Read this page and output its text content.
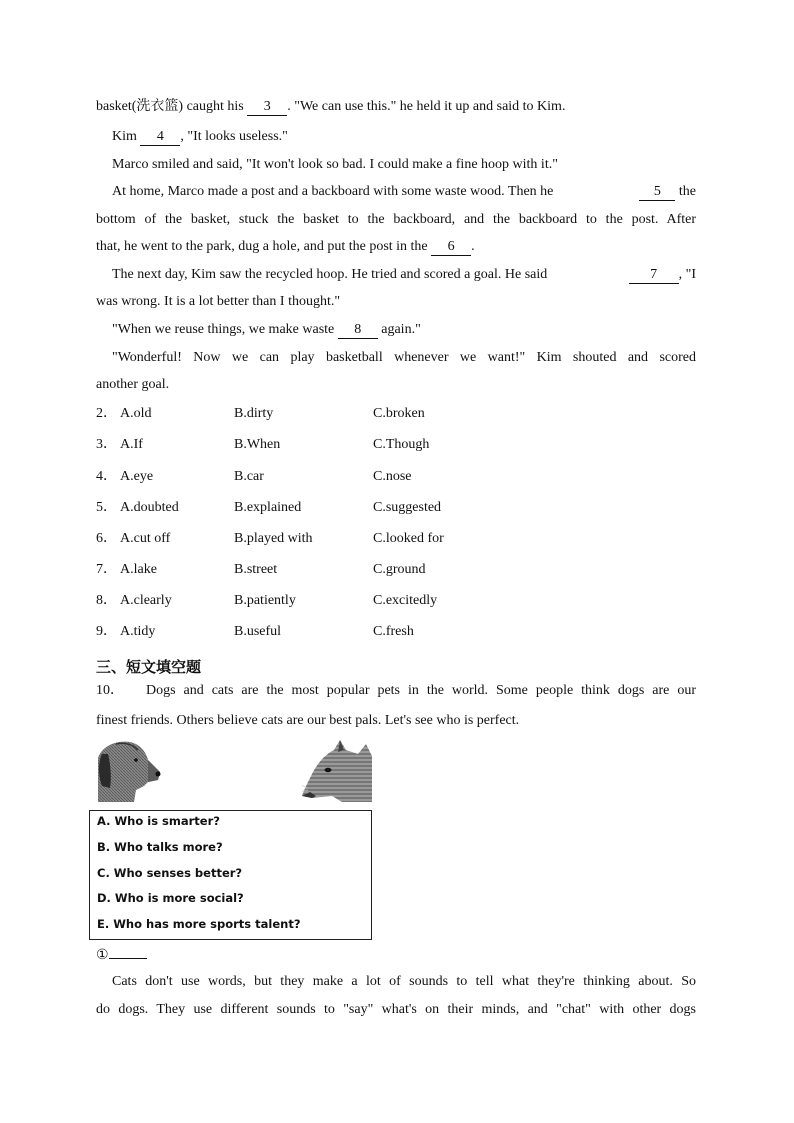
basket(洗衣篮) caught his 3 . "We can use this." he held it up and said to Kim.
Kim 4 , "It looks useless."
Marco smiled and said, "It won't look so bad. I could make a fine hoop with it."
At home, Marco made a post and a backboard with some waste wood. Then he	5 the
bottom of the basket, stuck the basket to the backboard, and the backboard to the post. After
that, he went to the park, dug a hole, and put the post in the 6 .
The next day, Kim saw the recycled hoop. He tried and scored a goal. He said	7 , "I
was wrong. It is a lot better than I thought."
"When we reuse things, we make waste 8 again."
"Wonderful! Now we can play basketball whenever we want!" Kim shouted and scored
another goal.
2． A.old	B.dirty	C.broken
3． A.If	B.When	C.Though
4． A.eye	B.car	C.nose
5． A.doubted	B.explained	C.suggested
6． A.cut off	B.played with	C.looked for
7． A.lake	B.street	C.ground
8． A.clearly	B.patiently	C.excitedly
9． A.tidy	B.useful	C.fresh
三、短文填空题
10． Dogs and cats are the most popular pets in the world. Some people think dogs are our
finest friends. Others believe cats are our best pals. Let's see who is perfect.
A. Who is smarter?
B. Who talks more?
C. Who senses better?
D. Who is more social?
E. Who has more sports talent?
①
Cats don't use words, but they make a lot of sounds to tell what they're thinking about. So
do dogs. They use different sounds to "say" what's on their minds, and "chat" with other dogs
